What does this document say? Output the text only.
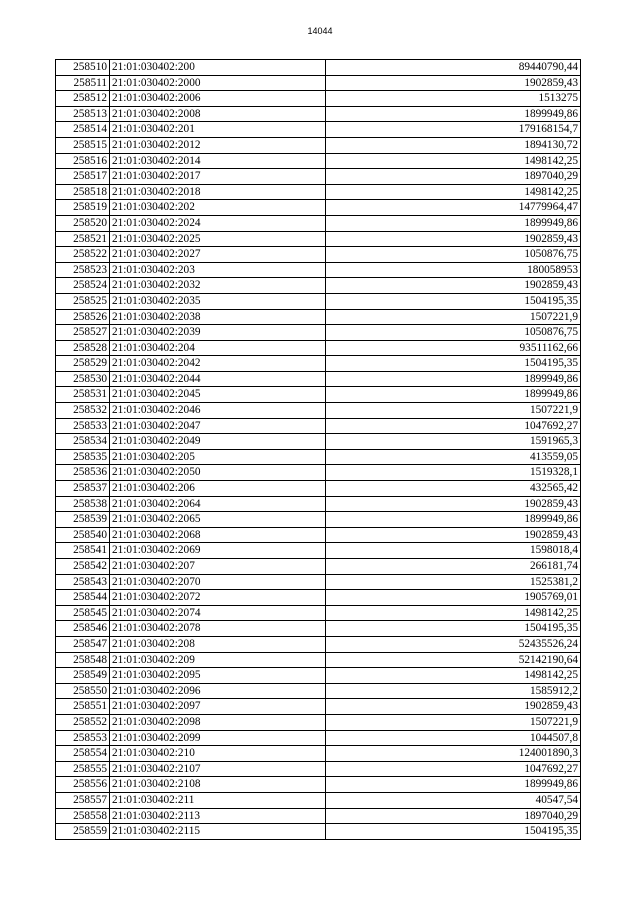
14044
258510	21:01:030402:200	89440790,44
258511	21:01:030402:2000	1902859,43
258512	21:01:030402:2006	1513275
258513	21:01:030402:2008	1899949,86
258514	21:01:030402:201	179168154,7
258515	21:01:030402:2012	1894130,72
258516	21:01:030402:2014	1498142,25
258517	21:01:030402:2017	1897040,29
258518	21:01:030402:2018	1498142,25
258519	21:01:030402:202	14779964,47
258520	21:01:030402:2024	1899949,86
258521	21:01:030402:2025	1902859,43
258522	21:01:030402:2027	1050876,75
258523	21:01:030402:203	180058953
258524	21:01:030402:2032	1902859,43
258525	21:01:030402:2035	1504195,35
258526	21:01:030402:2038	1507221,9
258527	21:01:030402:2039	1050876,75
258528	21:01:030402:204	93511162,66
258529	21:01:030402:2042	1504195,35
258530	21:01:030402:2044	1899949,86
258531	21:01:030402:2045	1899949,86
258532	21:01:030402:2046	1507221,9
258533	21:01:030402:2047	1047692,27
258534	21:01:030402:2049	1591965,3
258535	21:01:030402:205	413559,05
258536	21:01:030402:2050	1519328,1
258537	21:01:030402:206	432565,42
258538	21:01:030402:2064	1902859,43
258539	21:01:030402:2065	1899949,86
258540	21:01:030402:2068	1902859,43
258541	21:01:030402:2069	1598018,4
258542	21:01:030402:207	266181,74
258543	21:01:030402:2070	1525381,2
258544	21:01:030402:2072	1905769,01
258545	21:01:030402:2074	1498142,25
258546	21:01:030402:2078	1504195,35
258547	21:01:030402:208	52435526,24
258548	21:01:030402:209	52142190,64
258549	21:01:030402:2095	1498142,25
258550	21:01:030402:2096	1585912,2
258551	21:01:030402:2097	1902859,43
258552	21:01:030402:2098	1507221,9
258553	21:01:030402:2099	1044507,8
258554	21:01:030402:210	124001890,3
258555	21:01:030402:2107	1047692,27
258556	21:01:030402:2108	1899949,86
258557	21:01:030402:211	40547,54
258558	21:01:030402:2113	1897040,29
258559	21:01:030402:2115	1504195,35
